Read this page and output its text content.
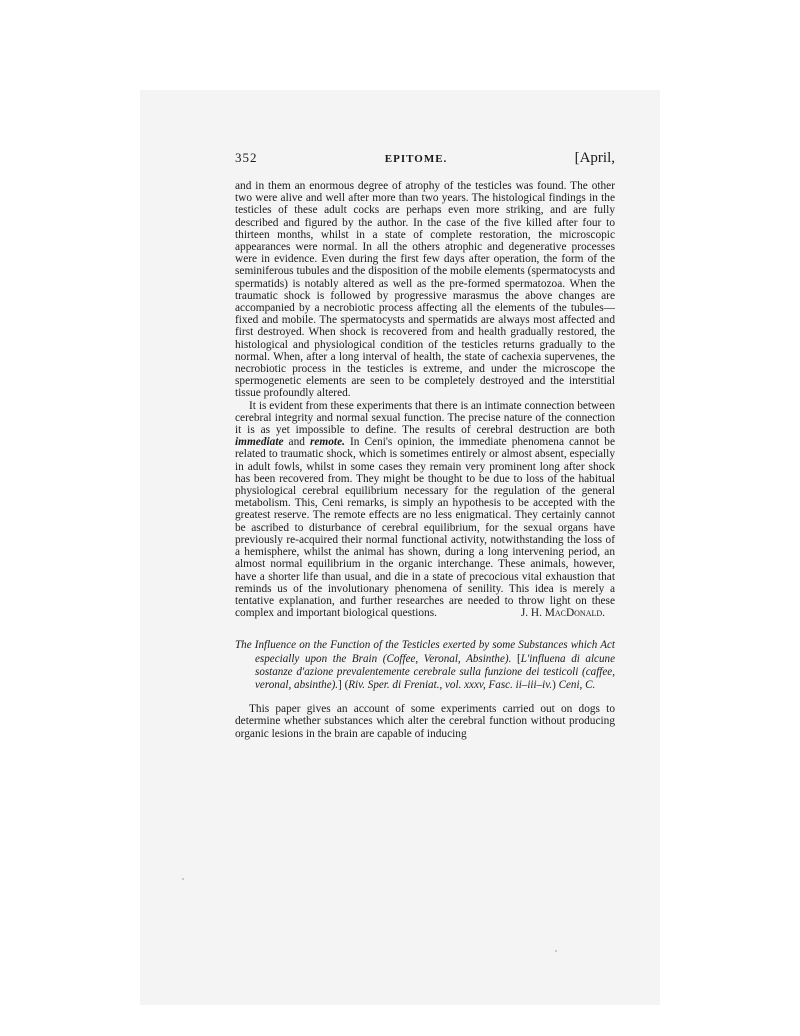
352	EPITOME.	[April,

and in them an enormous degree of atrophy of the testicles was found. The other two were alive and well after more than two years. The histological findings in the testicles of these adult cocks are perhaps even more striking, and are fully described and figured by the author. In the case of the five killed after four to thirteen months, whilst in a state of complete restoration, the microscopic appearances were normal. In all the others atrophic and degenerative processes were in evidence. Even during the first few days after operation, the form of the seminiferous tubules and the disposition of the mobile elements (spermatocysts and spermatids) is notably altered as well as the pre-formed spermatozoa. When the traumatic shock is followed by progressive marasmus the above changes are accompanied by a necrobiotic process affecting all the elements of the tubules—fixed and mobile. The spermatocysts and spermatids are always most affected and first destroyed. When shock is recovered from and health gradually restored, the histological and physiological condition of the testicles returns gradually to the normal. When, after a long interval of health, the state of cachexia supervenes, the necrobiotic process in the testicles is extreme, and under the microscope the spermogenetic elements are seen to be completely destroyed and the interstitial tissue profoundly altered.

It is evident from these experiments that there is an intimate connection between cerebral integrity and normal sexual function. The precise nature of the connection it is as yet impossible to define. The results of cerebral destruction are both immediate and remote. In Ceni's opinion, the immediate phenomena cannot be related to traumatic shock, which is sometimes entirely or almost absent, especially in adult fowls, whilst in some cases they remain very prominent long after shock has been recovered from. They might be thought to be due to loss of the habitual physiological cerebral equilibrium necessary for the regulation of the general metabolism. This, Ceni remarks, is simply an hypothesis to be accepted with the greatest reserve. The remote effects are no less enigmatical. They certainly cannot be ascribed to disturbance of cerebral equilibrium, for the sexual organs have previously re-acquired their normal functional activity, notwithstanding the loss of a hemisphere, whilst the animal has shown, during a long intervening period, an almost normal equilibrium in the organic interchange. These animals, however, have a shorter life than usual, and die in a state of precocious vital exhaustion that reminds us of the involutionary phenomena of senility. This idea is merely a tentative explanation, and further researches are needed to throw light on these complex and important biological questions.	J. H. MacDonald.
The Influence on the Function of the Testicles exerted by some Substances which Act especially upon the Brain (Coffee, Veronal, Absinthe). [L'influena di alcune sostanze d'azione prevalentemente cerebrale sulla funzione dei testicoli (caffee, veronal, absinthe).] (Riv. Sper. di Freniat., vol. xxxv, Fasc. ii–iii–iv.) Ceni, C.

This paper gives an account of some experiments carried out on dogs to determine whether substances which alter the cerebral function without producing organic lesions in the brain are capable of inducing
